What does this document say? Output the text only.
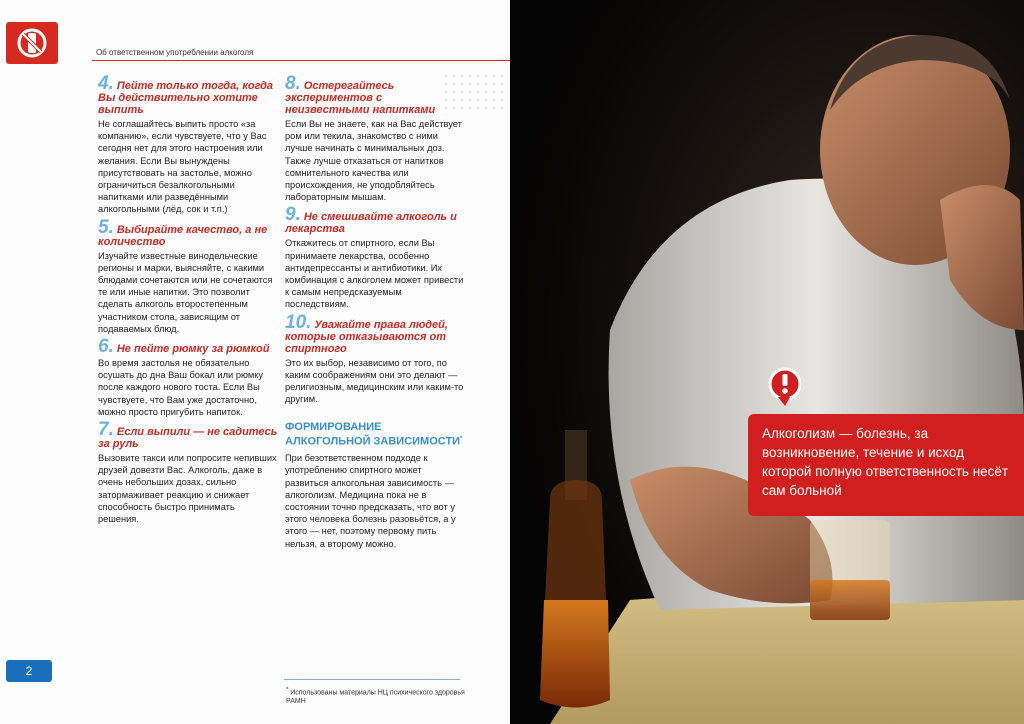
Об ответственном употреблении алкоголя
4. Пейте только тогда, когда Вы действительно хотите выпить
Не соглашайтесь выпить просто «за компанию», если чувствуете, что у Вас сегодня нет для этого настроения или желания. Если Вы вынуждены присутствовать на застолье, можно ограничиться безалкогольными напитками или разведёнными алкогольными (лёд, сок и т.п.)
5. Выбирайте качество, а не количество
Изучайте известные винодельческие регионы и марки, выясняйте, с какими блюдами сочетаются или не сочетаются те или иные напитки. Это позволит сделать алкоголь второстепенным участником стола, зависящим от подаваемых блюд.
6. Не пейте рюмку за рюмкой
Во время застолья не обязательно осушать до дна Ваш бокал или рюмку после каждого нового тоста. Если Вы чувствуете, что Вам уже достаточно, можно просто пригубить напиток.
7. Если выпили — не садитесь за руль
Вызовите такси или попросите непивших друзей довезти Вас. Алкоголь, даже в очень небольших дозах, сильно затормаживает реакцию и снижает способность быстро принимать решения.
8. Остерегайтесь экспериментов с неизвестными напитками
Если Вы не знаете, как на Вас действует ром или текила, знакомство с ними лучше начинать с минимальных доз. Также лучше отказаться от напитков сомнительного качества или происхождения, не уподобляйтесь лабораторным мышам.
9. Не смешивайте алкоголь и лекарства
Откажитесь от спиртного, если Вы принимаете лекарства, особенно антидепрессанты и антибиотики. Их комбинация с алкоголем может привести к самым непредсказуемым последствиям.
10. Уважайте права людей, которые отказываются от спиртного
Это их выбор, независимо от того, по каким соображениям они это делают — религиозным, медицинским или каким-то другим.
ФОРМИРОВАНИЕ АЛКОГОЛЬНОЙ ЗАВИСИМОСТИ*
При безответственном подходе к употреблению спиртного может развиться алкогольная зависимость — алкоголизм. Медицина пока не в состоянии точно предсказать, что вот у этого человека болезнь разовьётся, а у этого — нет, поэтому первому пить нельзя, а второму можно.
* Использованы материалы НЦ психического здоровья РАМН
2
Алкоголизм — болезнь, за возникновение, течение и исход которой полную ответственность несёт сам больной
